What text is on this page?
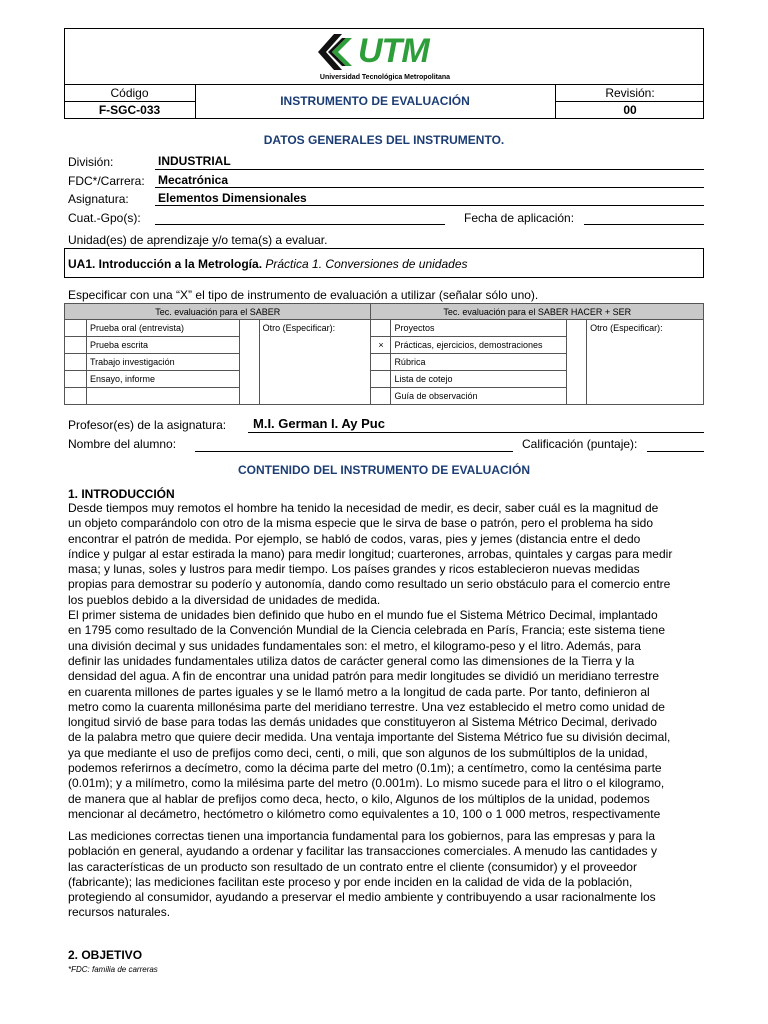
UTM
Universidad Tecnológica Metropolitana
Código
F-SGC-033
INSTRUMENTO DE EVALUACIÓN
Revisión:
00
DATOS GENERALES DEL INSTRUMENTO.
División:	INDUSTRIAL
FDC*/Carrera: Mecatrónica
Asignatura: Elementos Dimensionales
Cuat.-Gpo(s):	Fecha de aplicación:
Unidad(es) de aprendizaje y/o tema(s) a evaluar.
UA1. Introducción a la Metrología. Práctica 1. Conversiones de unidades
Especificar con una “X” el tipo de instrumento de evaluación a utilizar (señalar sólo uno).
Tec. evaluación para el SABER				Tec. evaluación para el SABER HACER + SER			
	Prueba oral (entrevista)		Otro (Especificar):		Proyectos		Otro (Especificar):
	Prueba escrita			×	Prácticas, ejercicios, demostraciones		
	Trabajo investigación				Rúbrica		
	Ensayo, informe				Lista de cotejo		
					Guía de observación		
Profesor(es) de la asignatura: M.I. German I. Ay Puc
Nombre del alumno:	Calificación (puntaje):
CONTENIDO DEL INSTRUMENTO DE EVALUACIÓN
1. INTRODUCCIÓN
Desde tiempos muy remotos el hombre ha tenido la necesidad de medir, es decir, saber cuál es la magnitud de
un objeto comparándolo con otro de la misma especie que le sirva de base o patrón, pero el problema ha sido
encontrar el patrón de medida. Por ejemplo, se habló de codos, varas, pies y jemes (distancia entre el dedo
índice y pulgar al estar estirada la mano) para medir longitud; cuarterones, arrobas, quintales y cargas para medir
masa; y lunas, soles y lustros para medir tiempo. Los países grandes y ricos establecieron nuevas medidas
propias para demostrar su poderío y autonomía, dando como resultado un serio obstáculo para el comercio entre
los pueblos debido a la diversidad de unidades de medida.
El primer sistema de unidades bien definido que hubo en el mundo fue el Sistema Métrico Decimal, implantado
en 1795 como resultado de la Convención Mundial de la Ciencia celebrada en París, Francia; este sistema tiene
una división decimal y sus unidades fundamentales son: el metro, el kilogramo-peso y el litro. Además, para
definir las unidades fundamentales utiliza datos de carácter general como las dimensiones de la Tierra y la
densidad del agua. A fin de encontrar una unidad patrón para medir longitudes se dividió un meridiano terrestre
en cuarenta millones de partes iguales y se le llamó metro a la longitud de cada parte. Por tanto, definieron al
metro como la cuarenta millonésima parte del meridiano terrestre. Una vez establecido el metro como unidad de
longitud sirvió de base para todas las demás unidades que constituyeron al Sistema Métrico Decimal, derivado
de la palabra metro que quiere decir medida. Una ventaja importante del Sistema Métrico fue su división decimal,
ya que mediante el uso de prefijos como deci, centi, o mili, que son algunos de los submúltiplos de la unidad,
podemos referirnos a decímetro, como la décima parte del metro (0.1m); a centímetro, como la centésima parte
(0.01m); y a milímetro, como la milésima parte del metro (0.001m). Lo mismo sucede para el litro o el kilogramo,
de manera que al hablar de prefijos como deca, hecto, o kilo, Algunos de los múltiplos de la unidad, podemos
mencionar al decámetro, hectómetro o kilómetro como equivalentes a 10, 100 o 1 000 metros, respectivamente
Las mediciones correctas tienen una importancia fundamental para los gobiernos, para las empresas y para la
población en general, ayudando a ordenar y facilitar las transacciones comerciales. A menudo las cantidades y
las características de un producto son resultado de un contrato entre el cliente (consumidor) y el proveedor
(fabricante); las mediciones facilitan este proceso y por ende inciden en la calidad de vida de la población,
protegiendo al consumidor, ayudando a preservar el medio ambiente y contribuyendo a usar racionalmente los
recursos naturales.
2. OBJETIVO
*FDC: familia de carreras
